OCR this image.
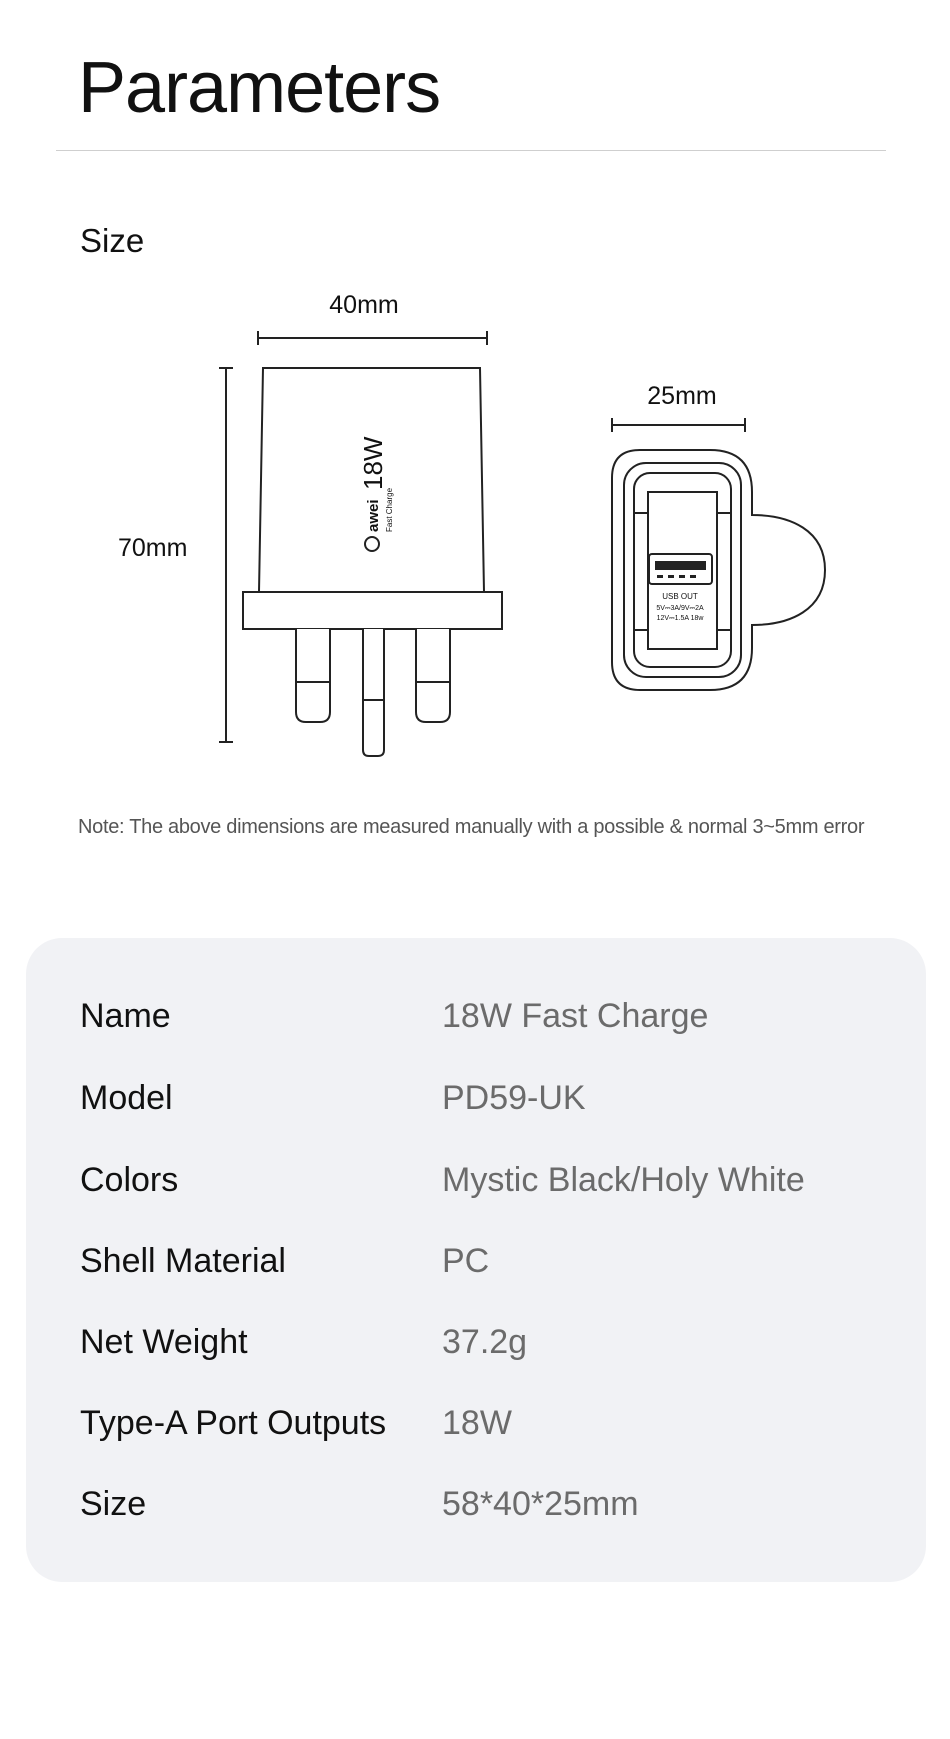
Parameters
Size
40mm
70mm
awei
18W
Fast Charge
25mm
USB OUT
5V⎓3A/9V⎓2A
12V⎓1.5A 18w
Note: The above dimensions are measured manually with a possible & normal 3~5mm error
Name	18W Fast Charge
Model	PD59-UK
Colors	Mystic Black/Holy White
Shell Material	PC
Net Weight	37.2g
Type-A Port Outputs 18W
Size	58*40*25mm
